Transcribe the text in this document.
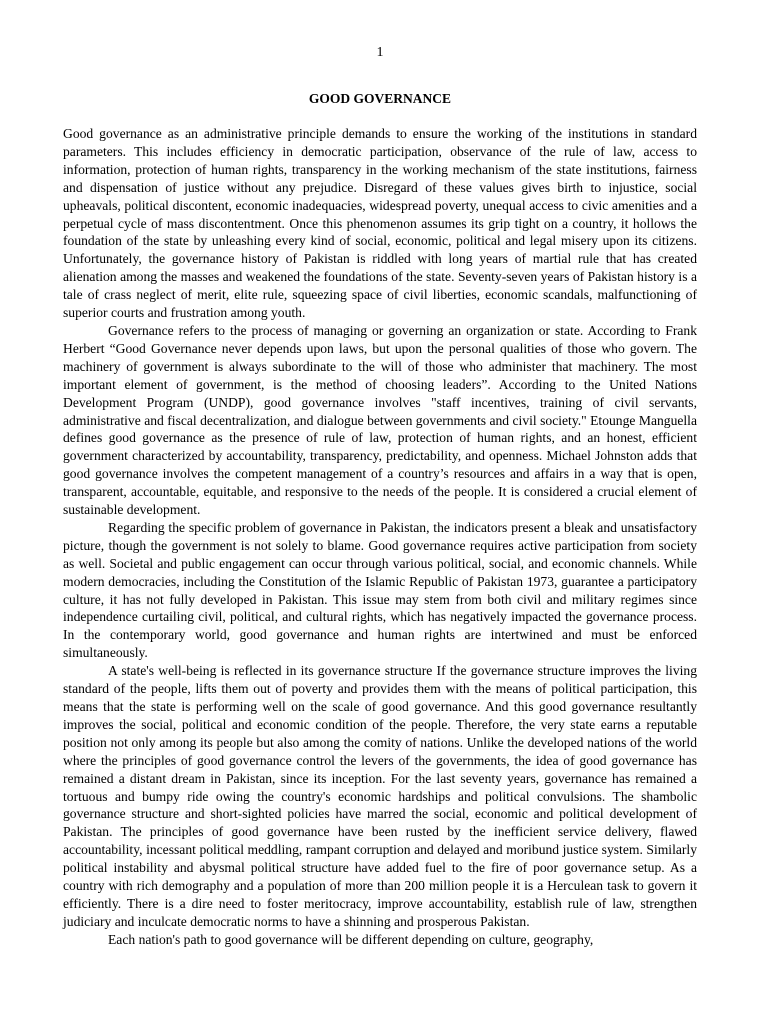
1
GOOD GOVERNANCE

Good governance as an administrative principle demands to ensure the working of the institutions in standard parameters. This includes efficiency in democratic participation, observance of the rule of law, access to information, protection of human rights, transparency in the working mechanism of the state institutions, fairness and dispensation of justice without any prejudice. Disregard of these values gives birth to injustice, social upheavals, political discontent, economic inadequacies, widespread poverty, unequal access to civic amenities and a perpetual cycle of mass discontentment. Once this phenomenon assumes its grip tight on a country, it hollows the foundation of the state by unleashing every kind of social, economic, political and legal misery upon its citizens. Unfortunately, the governance history of Pakistan is riddled with long years of martial rule that has created alienation among the masses and weakened the foundations of the state. Seventy-seven years of Pakistan history is a tale of crass neglect of merit, elite rule, squeezing space of civil liberties, economic scandals, malfunctioning of superior courts and frustration among youth.

Governance refers to the process of managing or governing an organization or state. According to Frank Herbert “Good Governance never depends upon laws, but upon the personal qualities of those who govern. The machinery of government is always subordinate to the will of those who administer that machinery. The most important element of government, is the method of choosing leaders”. According to the United Nations Development Program (UNDP), good governance involves "staff incentives, training of civil servants, administrative and fiscal decentralization, and dialogue between governments and civil society." Etounge Manguella defines good governance as the presence of rule of law, protection of human rights, and an honest, efficient government characterized by accountability, transparency, predictability, and openness. Michael Johnston adds that good governance involves the competent management of a country’s resources and affairs in a way that is open, transparent, accountable, equitable, and responsive to the needs of the people. It is considered a crucial element of sustainable development.

Regarding the specific problem of governance in Pakistan, the indicators present a bleak and unsatisfactory picture, though the government is not solely to blame. Good governance requires active participation from society as well. Societal and public engagement can occur through various political, social, and economic channels. While modern democracies, including the Constitution of the Islamic Republic of Pakistan 1973, guarantee a participatory culture, it has not fully developed in Pakistan. This issue may stem from both civil and military regimes since independence curtailing civil, political, and cultural rights, which has negatively impacted the governance process. In the contemporary world, good governance and human rights are intertwined and must be enforced simultaneously.

A state's well-being is reflected in its governance structure If the governance structure improves the living standard of the people, lifts them out of poverty and provides them with the means of political participation, this means that the state is performing well on the scale of good governance. And this good governance resultantly improves the social, political and economic condition of the people. Therefore, the very state earns a reputable position not only among its people but also among the comity of nations. Unlike the developed nations of the world where the principles of good governance control the levers of the governments, the idea of good governance has remained a distant dream in Pakistan, since its inception. For the last seventy years, governance has remained a tortuous and bumpy ride owing the country's economic hardships and political convulsions. The shambolic governance structure and short-sighted policies have marred the social, economic and political development of Pakistan. The principles of good governance have been rusted by the inefficient service delivery, flawed accountability, incessant political meddling, rampant corruption and delayed and moribund justice system. Similarly political instability and abysmal political structure have added fuel to the fire of poor governance setup. As a country with rich demography and a population of more than 200 million people it is a Herculean task to govern it efficiently. There is a dire need to foster meritocracy, improve accountability, establish rule of law, strengthen judiciary and inculcate democratic norms to have a shinning and prosperous Pakistan.

Each nation's path to good governance will be different depending on culture, geography,
